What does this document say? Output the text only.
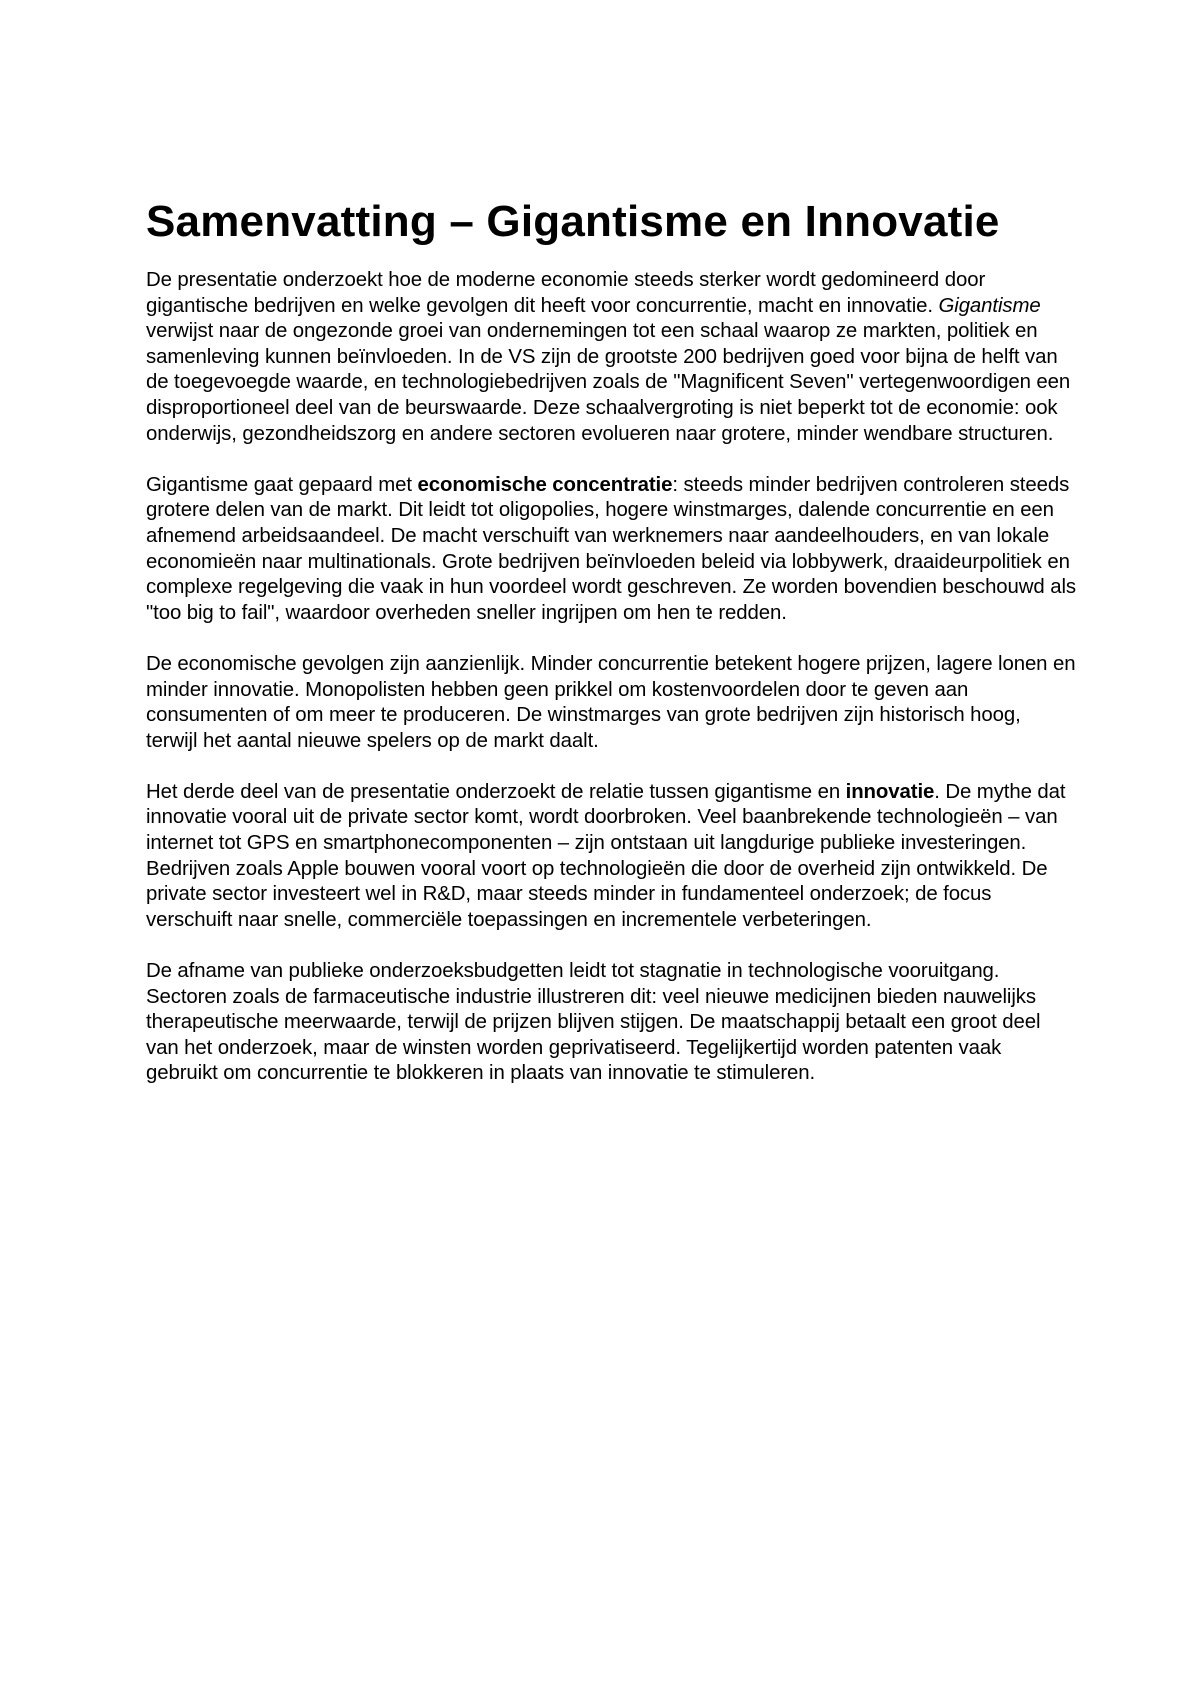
Samenvatting – Gigantisme en Innovatie

De presentatie onderzoekt hoe de moderne economie steeds sterker wordt gedomineerd door gigantische bedrijven en welke gevolgen dit heeft voor concurrentie, macht en innovatie. Gigantisme verwijst naar de ongezonde groei van ondernemingen tot een schaal waarop ze markten, politiek en samenleving kunnen beïnvloeden. In de VS zijn de grootste 200 bedrijven goed voor bijna de helft van de toegevoegde waarde, en technologiebedrijven zoals de "Magnificent Seven" vertegenwoordigen een disproportioneel deel van de beurswaarde. Deze schaalvergroting is niet beperkt tot de economie: ook onderwijs, gezondheidszorg en andere sectoren evolueren naar grotere, minder wendbare structuren.

Gigantisme gaat gepaard met economische concentratie: steeds minder bedrijven controleren steeds grotere delen van de markt. Dit leidt tot oligopolies, hogere winstmarges, dalende concurrentie en een afnemend arbeidsaandeel. De macht verschuift van werknemers naar aandeelhouders, en van lokale economieën naar multinationals. Grote bedrijven beïnvloeden beleid via lobbywerk, draaideurpolitiek en complexe regelgeving die vaak in hun voordeel wordt geschreven. Ze worden bovendien beschouwd als "too big to fail", waardoor overheden sneller ingrijpen om hen te redden.

De economische gevolgen zijn aanzienlijk. Minder concurrentie betekent hogere prijzen, lagere lonen en minder innovatie. Monopolisten hebben geen prikkel om kostenvoordelen door te geven aan consumenten of om meer te produceren. De winstmarges van grote bedrijven zijn historisch hoog, terwijl het aantal nieuwe spelers op de markt daalt.

Het derde deel van de presentatie onderzoekt de relatie tussen gigantisme en innovatie. De mythe dat innovatie vooral uit de private sector komt, wordt doorbroken. Veel baanbrekende technologieën – van internet tot GPS en smartphonecomponenten – zijn ontstaan uit langdurige publieke investeringen. Bedrijven zoals Apple bouwen vooral voort op technologieën die door de overheid zijn ontwikkeld. De private sector investeert wel in R&D, maar steeds minder in fundamenteel onderzoek; de focus verschuift naar snelle, commerciële toepassingen en incrementele verbeteringen.

De afname van publieke onderzoeksbudgetten leidt tot stagnatie in technologische vooruitgang. Sectoren zoals de farmaceutische industrie illustreren dit: veel nieuwe medicijnen bieden nauwelijks therapeutische meerwaarde, terwijl de prijzen blijven stijgen. De maatschappij betaalt een groot deel van het onderzoek, maar de winsten worden geprivatiseerd. Tegelijkertijd worden patenten vaak gebruikt om concurrentie te blokkeren in plaats van innovatie te stimuleren.
